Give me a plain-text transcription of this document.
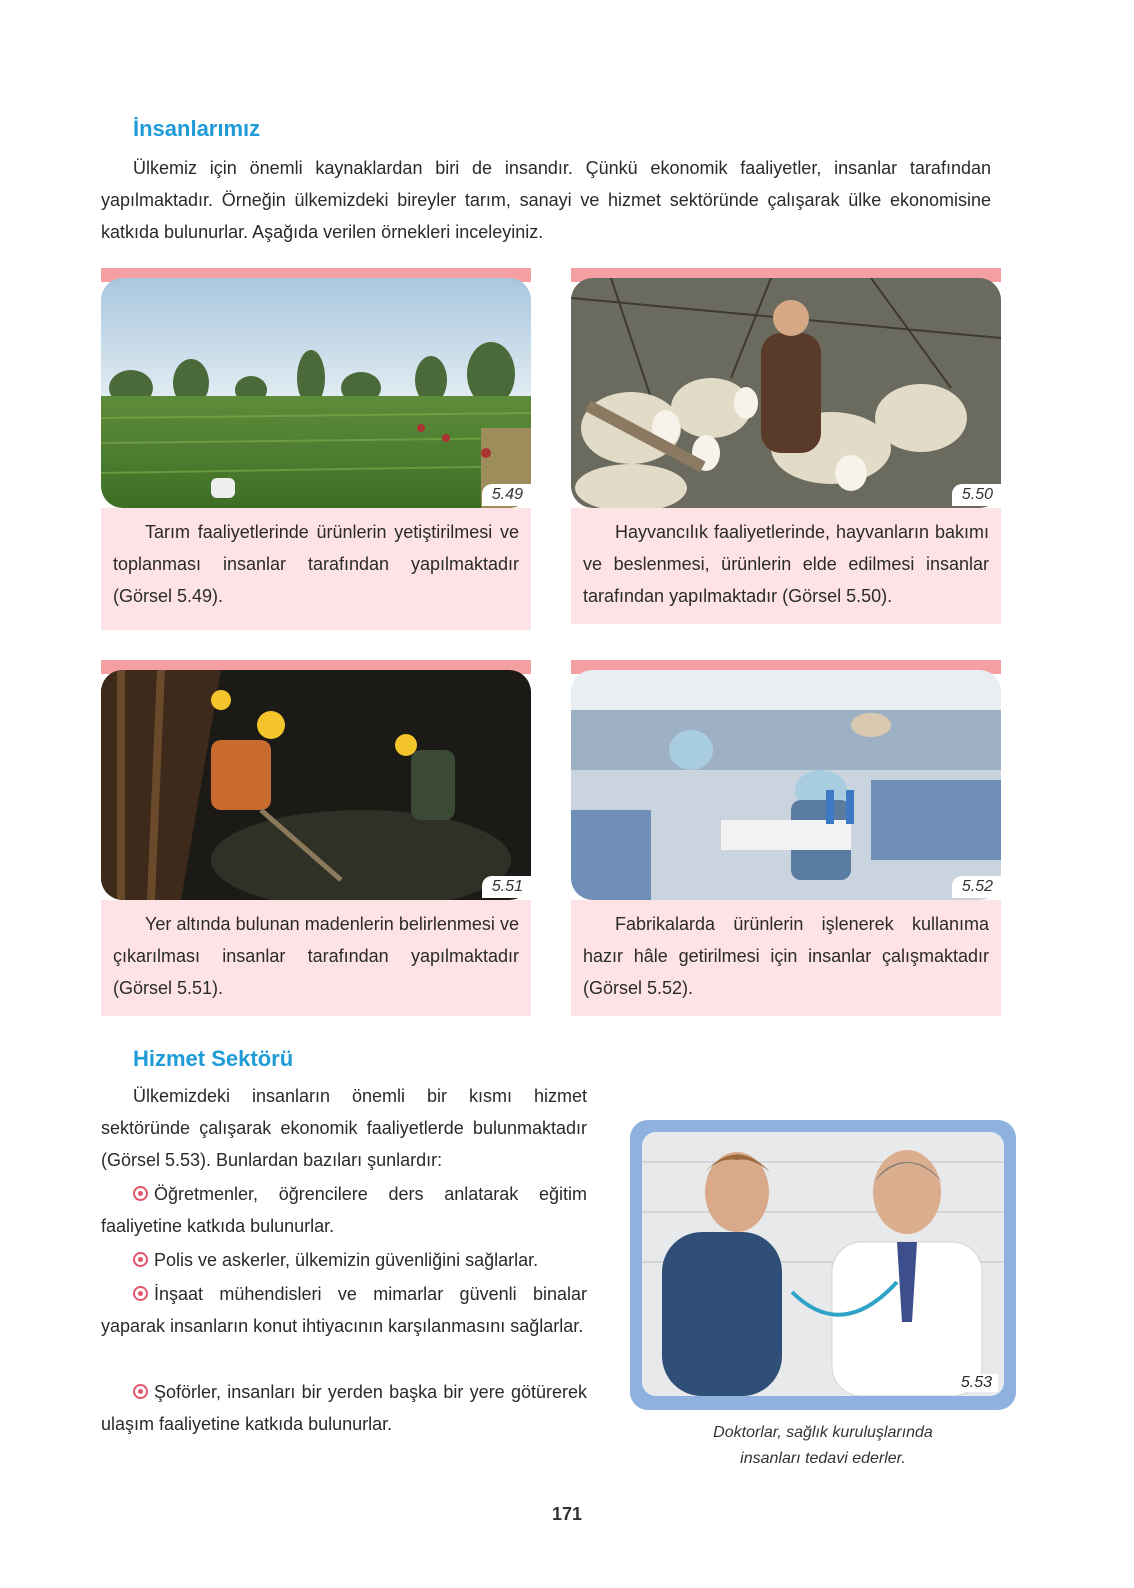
İnsanlarımız

Ülkemiz için önemli kaynaklardan biri de insandır. Çünkü ekonomik faaliyetler, insanlar tarafından yapılmaktadır. Örneğin ülkemizdeki bireyler tarım, sanayi ve hizmet sektöründe çalışarak ülke ekonomisine katkıda bulunurlar. Aşağıda verilen örnekleri inceleyiniz.

5.49
Tarım faaliyetlerinde ürünlerin yetiştirilmesi ve toplanması insanlar tarafından yapılmaktadır (Görsel 5.49).
5.50
Hayvancılık faaliyetlerinde, hayvanların bakımı ve beslenmesi, ürünlerin elde edilmesi insanlar tarafından yapılmaktadır (Görsel 5.50).
5.51
Yer altında bulunan madenlerin belirlenmesi ve çıkarılması insanlar tarafından yapılmaktadır (Görsel 5.51).
5.52
Fabrikalarda ürünlerin işlenerek kullanıma hazır hâle getirilmesi için insanlar çalışmaktadır (Görsel 5.52).
Hizmet Sektörü

Ülkemizdeki insanların önemli bir kısmı hizmet sektöründe çalışarak ekonomik faaliyetlerde bulunmaktadır (Görsel 5.53). Bunlardan bazıları şunlardır:

Öğretmenler, öğrencilere ders anlatarak eğitim faaliyetine katkıda bulunurlar.

Polis ve askerler, ülkemizin güvenliğini sağlarlar.

İnşaat mühendisleri ve mimarlar güvenli binalar yaparak insanların konut ihtiyacının karşılanmasını sağlarlar.

Şoförler, insanları bir yerden başka bir yere götürerek ulaşım faaliyetine katkıda bulunurlar.

5.53
Doktorlar, sağlık kuruluşlarında
insanları tedavi ederler.
171
